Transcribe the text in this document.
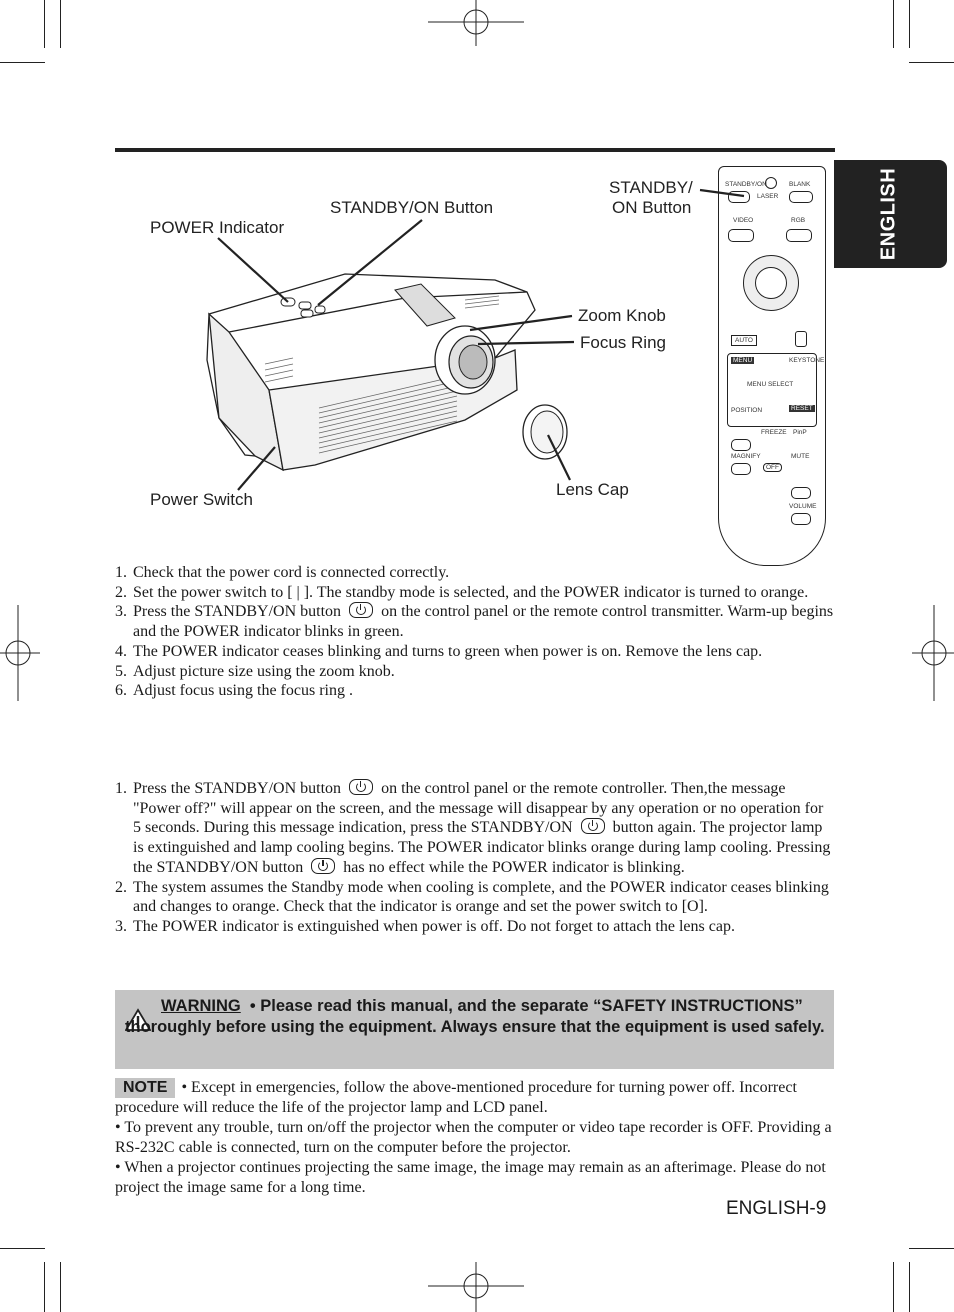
ENGLISH
STANDBY/ON
LASER
BLANK
VIDEO	RGB
AUTO
MENU	KEYSTONE
MENU SELECT
POSITION	RESET
FREEZE PinP
MAGNIFY
OFF
MUTE
VOLUME
POWER Indicator
STANDBY/ON Button
STANDBY/
ON Button
Zoom Knob
Focus Ring
Power Switch
Lens Cap
1. Check that the power cord is connected correctly.
2. Set the power switch to [ | ]. The standby mode is selected, and the POWER indicator is turned to orange.
3. Press the STANDBY/ON button	on the control panel or the remote control transmitter. Warm-up begins and the POWER indicator blinks in green.
4. The POWER indicator ceases blinking and turns to green when power is on. Remove the lens cap.
5. Adjust picture size using the zoom knob.
6. Adjust focus using the focus ring .
1. Press the STANDBY/ON button	on the control panel or the remote controller. Then,the message "Power off?" will appear on the screen, and the message will disappear by any operation or no operation for 5 seconds. During this message indication, press the STANDBY/ON	button again. The projector lamp is extinguished and lamp cooling begins. The POWER indicator blinks orange during lamp cooling. Pressing the STANDBY/ON button	has no effect while the POWER indicator is blinking.
2. The system assumes the Standby mode when cooling is complete, and the POWER indicator ceases blinking and changes to orange. Check that the indicator is orange and set the power switch to [O].
3. The POWER indicator is extinguished when power is off. Do not forget to attach the lens cap.
WARNING • Please read this manual, and the separate “SAFETY INSTRUCTIONS” thoroughly before using the equipment. Always ensure that the equipment is used safely.
NOTE • Except in emergencies, follow the above-mentioned procedure for turning power off. Incorrect procedure will reduce the life of the projector lamp and LCD panel.
• To prevent any trouble, turn on/off the projector when the computer or video tape recorder is OFF. Providing a RS-232C cable is connected, turn on the computer before the projector.
• When a projector continues projecting the same image, the image may remain as an afterimage. Please do not project the image same for a long time.
ENGLISH-9
